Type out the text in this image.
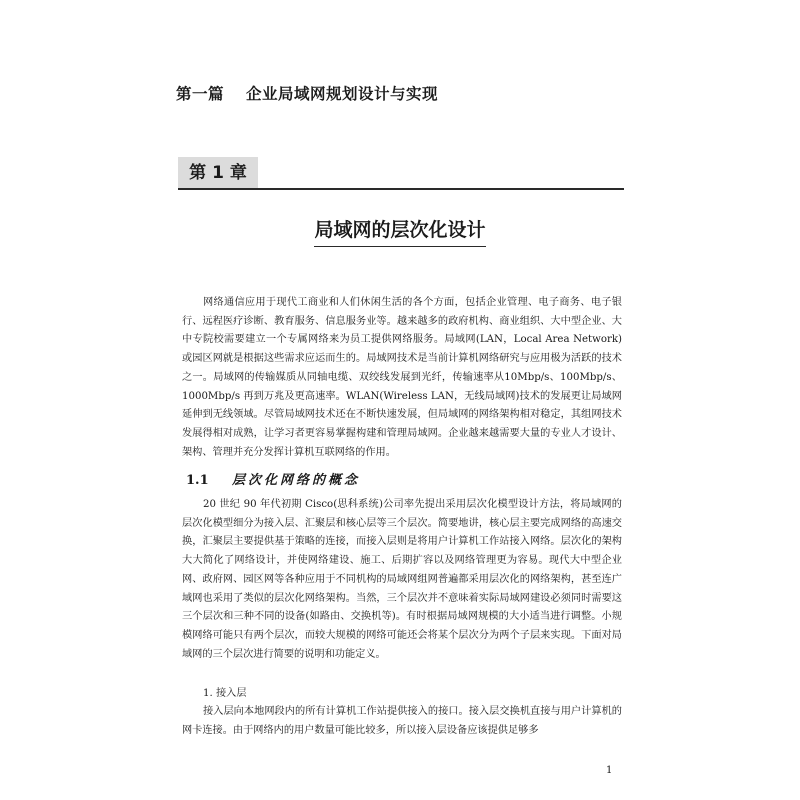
第一篇 企业局域网规划设计与实现
第 1 章
局域网的层次化设计

网络通信应用于现代工商业和人们休闲生活的各个方面，包括企业管理、电子商务、电子银行、远程医疗诊断、教育服务、信息服务业等。越来越多的政府机构、商业组织、大中型企业、大中专院校需要建立一个专属网络来为员工提供网络服务。局域网(LAN，Local Area Network)或园区网就是根据这些需求应运而生的。局域网技术是当前计算机网络研究与应用极为活跃的技术之一。局域网的传输媒质从同轴电缆、双绞线发展到光纤，传输速率从10Mbp/s、100Mbp/s、1000Mbp/s 再到万兆及更高速率。WLAN(Wireless LAN，无线局域网)技术的发展更让局域网延伸到无线领域。尽管局域网技术还在不断快速发展，但局域网的网络架构相对稳定，其组网技术发展得相对成熟，让学习者更容易掌握构建和管理局域网。企业越来越需要大量的专业人才设计、架构、管理并充分发挥计算机互联网络的作用。

1.1 层次化网络的概念

20 世纪 90 年代初期 Cisco(思科系统)公司率先提出采用层次化模型设计方法，将局域网的层次化模型细分为接入层、汇聚层和核心层等三个层次。简要地讲，核心层主要完成网络的高速交换，汇聚层主要提供基于策略的连接，而接入层则是将用户计算机工作站接入网络。层次化的架构大大简化了网络设计，并使网络建设、施工、后期扩容以及网络管理更为容易。现代大中型企业网、政府网、园区网等各种应用于不同机构的局域网组网普遍都采用层次化的网络架构，甚至连广域网也采用了类似的层次化网络架构。当然，三个层次并不意味着实际局域网建设必须同时需要这三个层次和三种不同的设备(如路由、交换机等)。有时根据局域网规模的大小适当进行调整。小规模网络可能只有两个层次，而较大规模的网络可能还会将某个层次分为两个子层来实现。下面对局域网的三个层次进行简要的说明和功能定义。

1. 接入层

接入层向本地网段内的所有计算机工作站提供接入的接口。接入层交换机直接与用户计算机的网卡连接。由于网络内的用户数量可能比较多，所以接入层设备应该提供足够多

1
